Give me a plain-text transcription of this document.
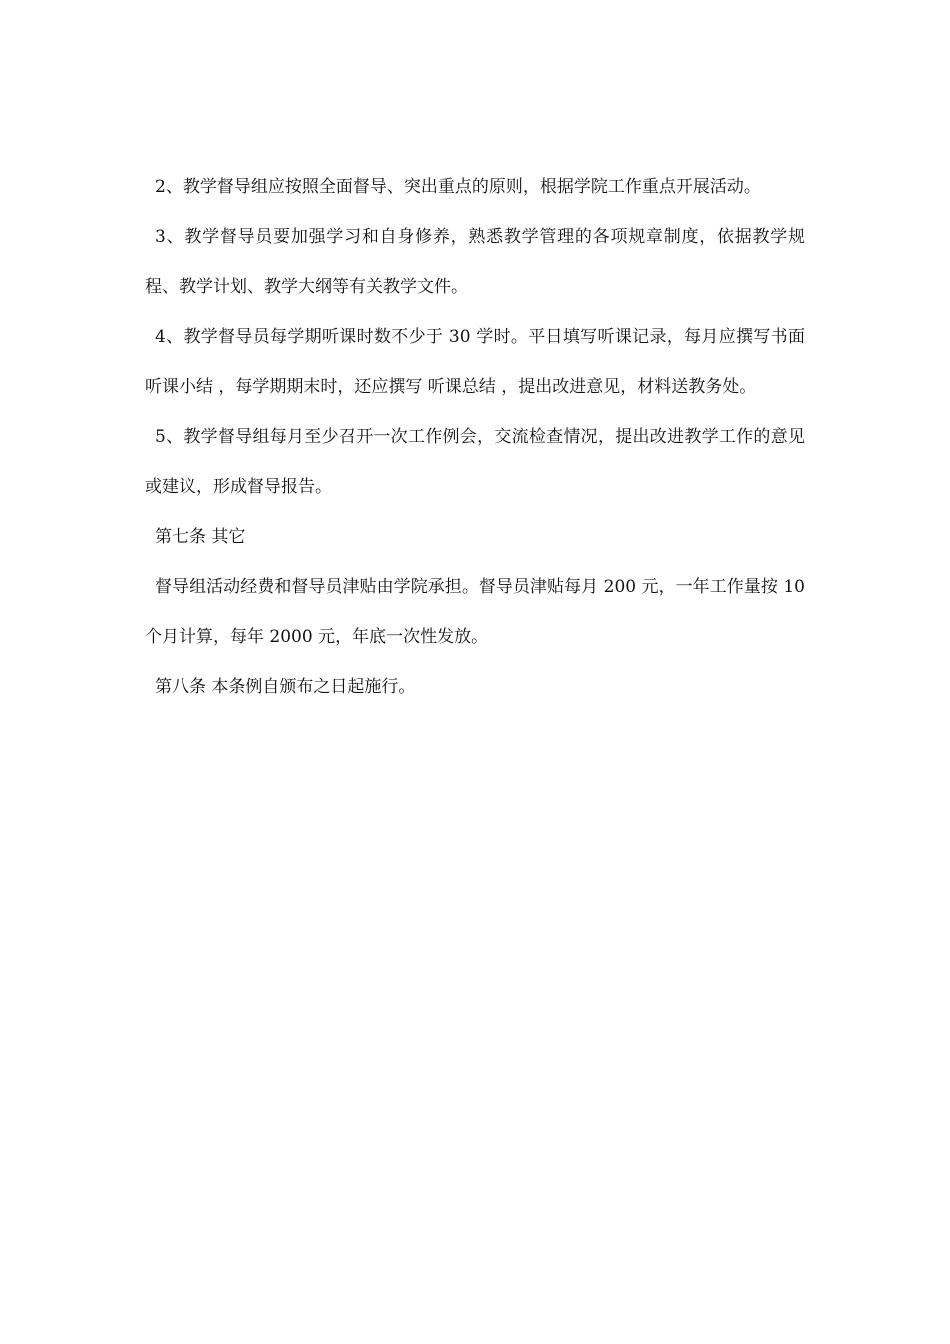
2、教学督导组应按照全面督导、突出重点的原则，根据学院工作重点开展活动。

3、教学督导员要加强学习和自身修养，熟悉教学管理的各项规章制度，依据教学规程、教学计划、教学大纲等有关教学文件。

4、教学督导员每学期听课时数不少于 30 学时。平日填写听课记录，每月应撰写书面 听课小结 ，每学期期末时，还应撰写 听课总结 ，提出改进意见，材料送教务处。

5、教学督导组每月至少召开一次工作例会，交流检查情况，提出改进教学工作的意见或建议，形成督导报告。

第七条 其它

督导组活动经费和督导员津贴由学院承担。督导员津贴每月 200 元，一年工作量按 10 个月计算，每年 2000 元，年底一次性发放。

第八条 本条例自颁布之日起施行。
